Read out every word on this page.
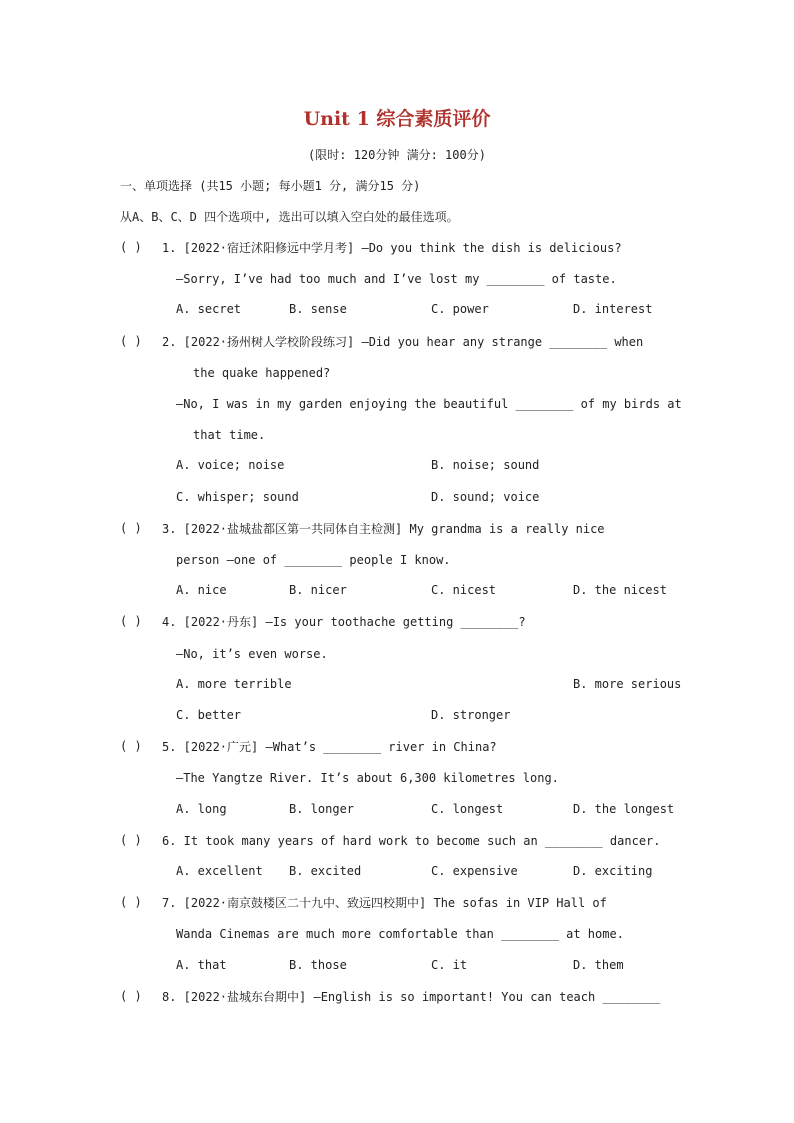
Unit 1 综合素质评价
(限时: 120分钟 满分: 100分)
一、单项选择 (共15 小题; 每小题1 分, 满分15 分)
从A、B、C、D 四个选项中, 选出可以填入空白处的最佳选项。
( ) 1. [2022·宿迁沭阳修远中学月考] —Do you think the dish is delicious?
—Sorry, I’ve had too much and I’ve lost my ________ of taste.
A. secret	B. sense	C. power	D. interest
( ) 2. [2022·扬州树人学校阶段练习] —Did you hear any strange ________ when
the quake happened?
—No, I was in my garden enjoying the beautiful ________ of my birds at
that time.
A. voice; noise	B. noise; sound
C. whisper; sound	D. sound; voice
( ) 3. [2022·盐城盐都区第一共同体自主检测] My grandma is a really nice
person —one of ________ people I know.
A. nice	B. nicer	C. nicest	D. the nicest
( ) 4. [2022·丹东] —Is your toothache getting ________?
—No, it’s even worse.
A. more terrible	B. more serious
C. better	D. stronger
( ) 5. [2022·广元] —What’s ________ river in China?
—The Yangtze River. It’s about 6,300 kilometres long.
A. long	B. longer	C. longest	D. the longest
( ) 6. It took many years of hard work to become such an ________ dancer.
A. excellent B. excited	C. expensive	D. exciting
( ) 7. [2022·南京鼓楼区二十九中、致远四校期中] The sofas in VIP Hall of
Wanda Cinemas are much more comfortable than ________ at home.
A. that	B. those	C. it	D. them
( ) 8. [2022·盐城东台期中] —English is so important! You can teach ________
